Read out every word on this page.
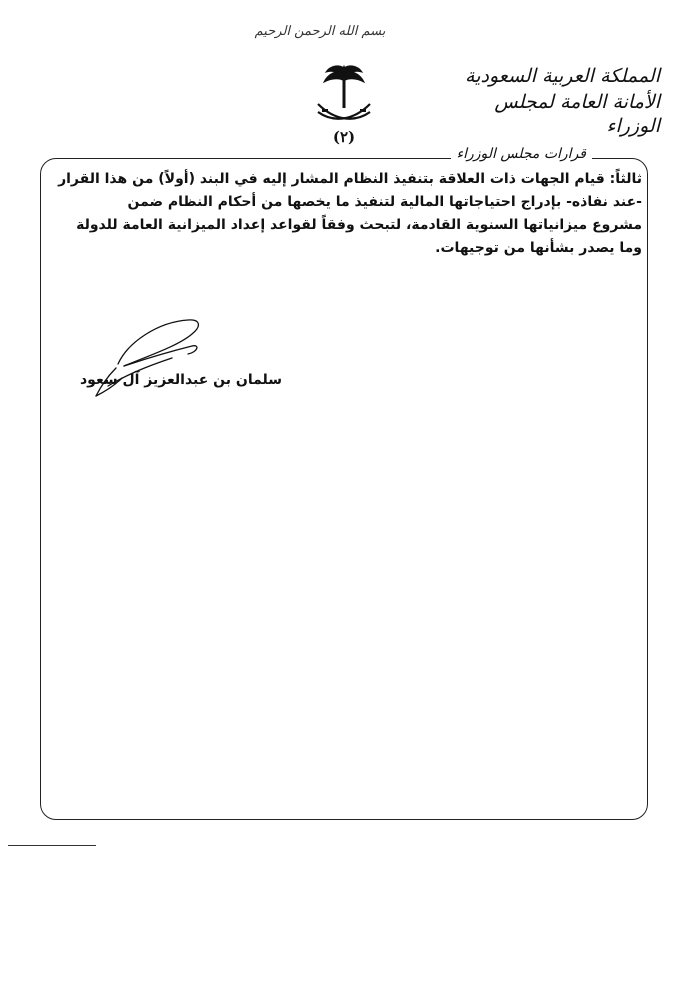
بسم الله الرحمن الرحيم
(٢)
المملكة العربية السعودية
الأمانة العامة لمجلس الوزراء
قرارات مجلس الوزراء
ثالثاً: قيام الجهات ذات العلاقة بتنفيذ النظام المشار إليه في البند (أولاً) من هذا القرار
-عند نفاذه- بإدراج احتياجاتها المالية لتنفيذ ما يخصها من أحكام النظام ضمن
مشروع ميزانياتها السنوية القادمة، لتبحث وفقاً لقواعد إعداد الميزانية العامة للدولة
وما يصدر بشأنها من توجيهات.
سلمان بن عبدالعزيز آل سعود
